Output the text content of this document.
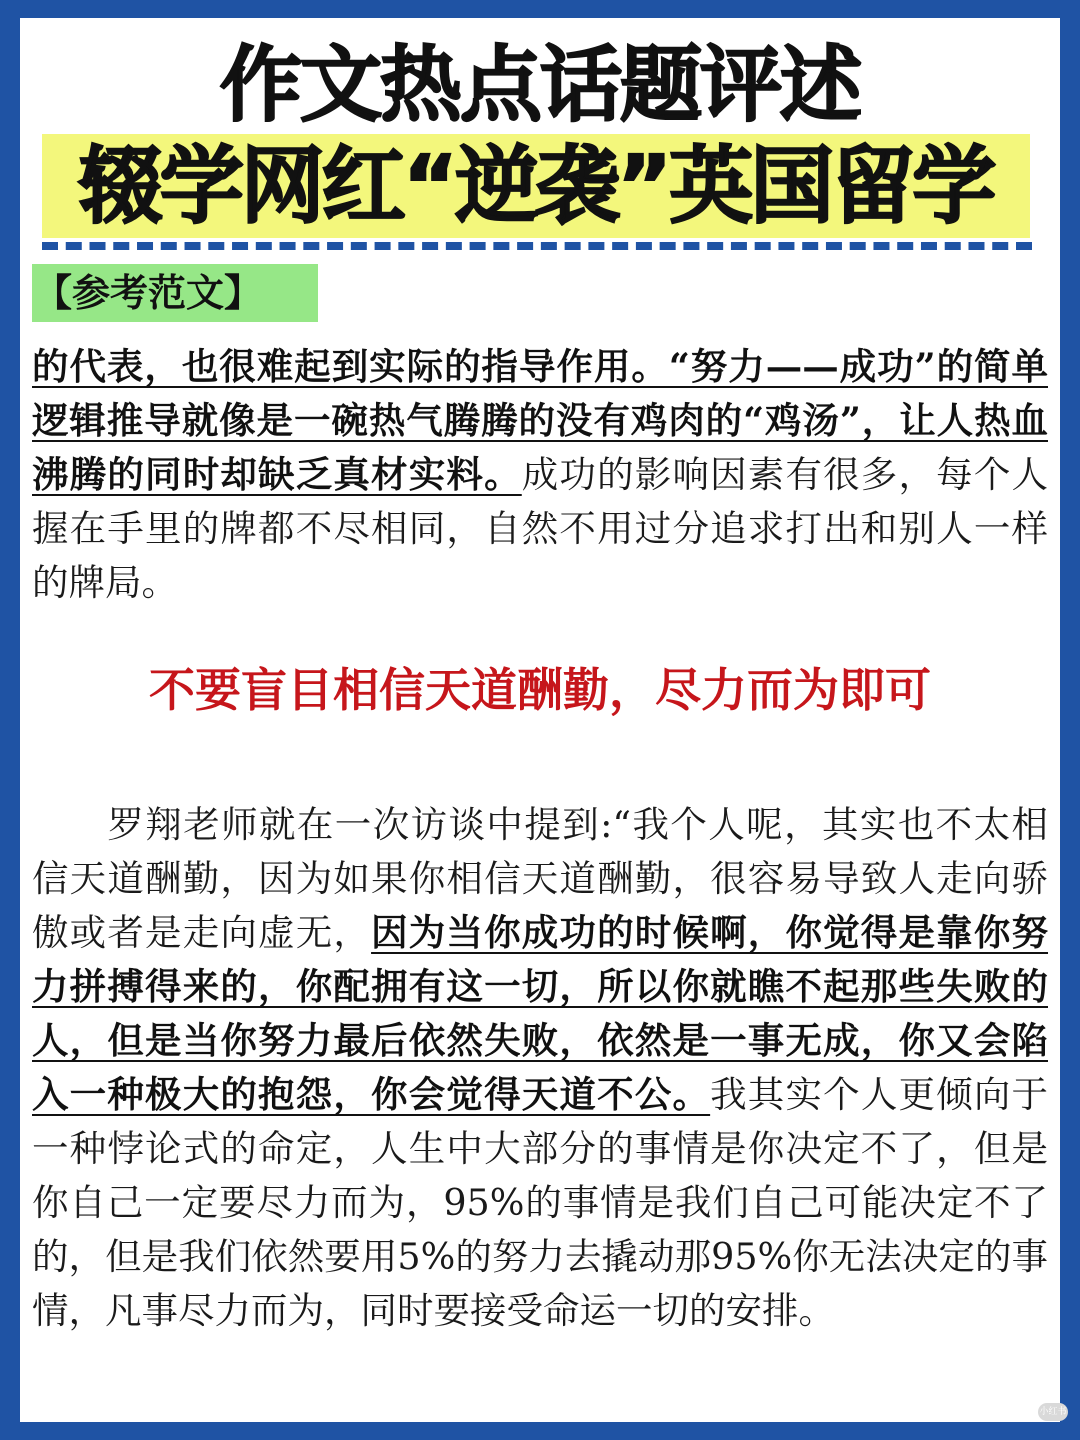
作文热点话题评述
辍学网红“逆袭”英国留学
【参考范文】
的代表，也很难起到实际的指导作用。“努力——成功”的简单逻辑推导就像是一碗热气腾腾的没有鸡肉的“鸡汤”，让人热血沸腾的同时却缺乏真材实料。成功的影响因素有很多，每个人握在手里的牌都不尽相同，自然不用过分追求打出和别人一样的牌局。
不要盲目相信天道酬勤，尽力而为即可
罗翔老师就在一次访谈中提到:“我个人呢，其实也不太相信天道酬勤，因为如果你相信天道酬勤，很容易导致人走向骄傲或者是走向虚无，因为当你成功的时候啊，你觉得是靠你努力拼搏得来的，你配拥有这一切，所以你就瞧不起那些失败的人，但是当你努力最后依然失败，依然是一事无成，你又会陷入一种极大的抱怨，你会觉得天道不公。我其实个人更倾向于一种悖论式的命定，人生中大部分的事情是你决定不了，但是你自己一定要尽力而为，95%的事情是我们自己可能决定不了的，但是我们依然要用5%的努力去撬动那95%你无法决定的事情，凡事尽力而为，同时要接受命运一切的安排。
小红书
